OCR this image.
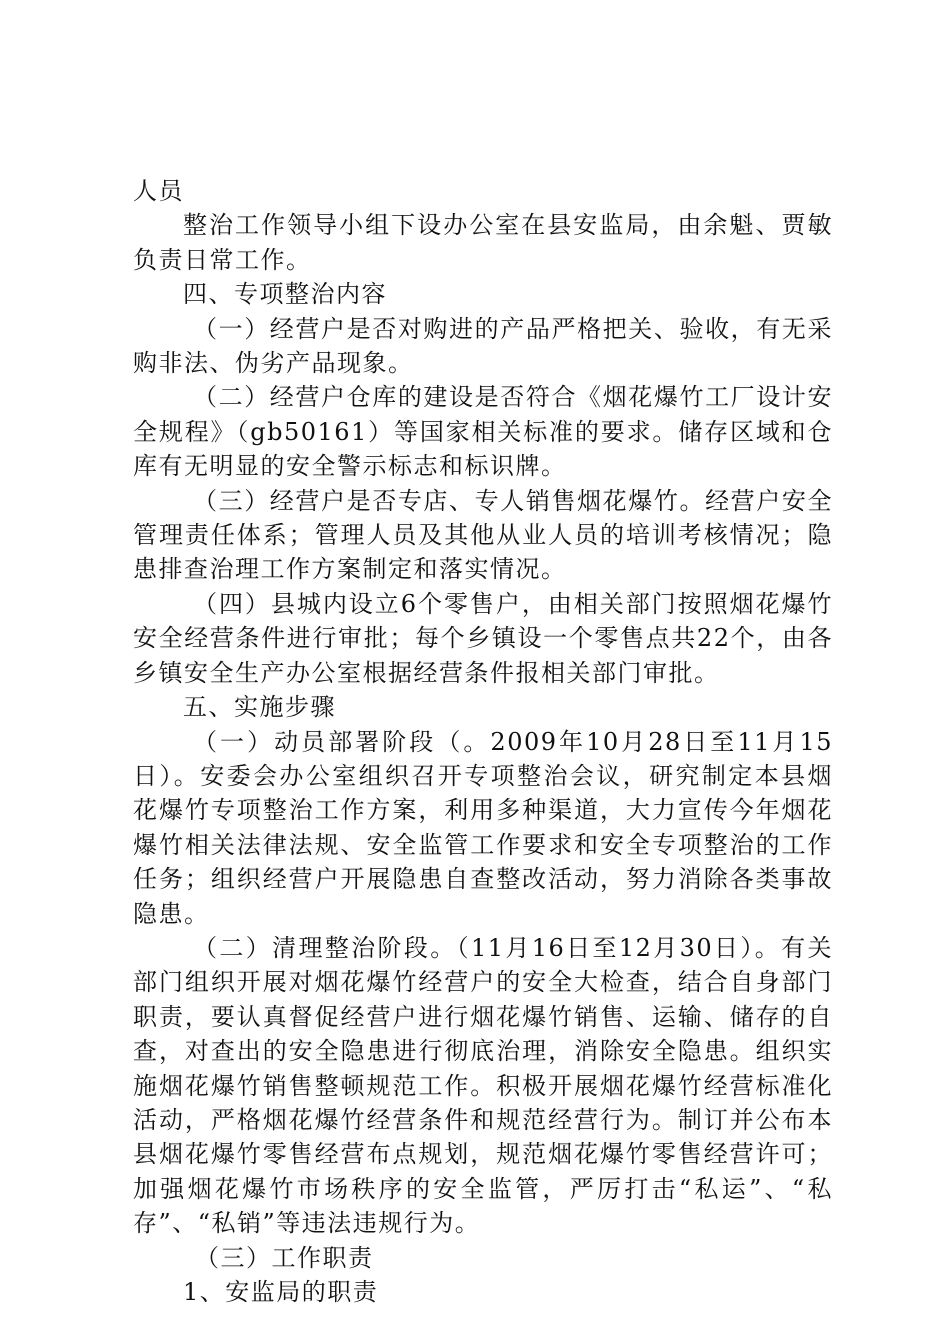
人员

整治工作领导小组下设办公室在县安监局，由余魁、贾敏负责日常工作。

四、专项整治内容

（一）经营户是否对购进的产品严格把关、验收，有无采购非法、伪劣产品现象。

（二）经营户仓库的建设是否符合《烟花爆竹工厂设计安全规程》（gb50161）等国家相关标准的要求。储存区域和仓库有无明显的安全警示标志和标识牌。

（三）经营户是否专店、专人销售烟花爆竹。经营户安全管理责任体系；管理人员及其他从业人员的培训考核情况；隐患排查治理工作方案制定和落实情况。

（四）县城内设立6个零售户，由相关部门按照烟花爆竹安全经营条件进行审批；每个乡镇设一个零售点共22个，由各乡镇安全生产办公室根据经营条件报相关部门审批。

五、实施步骤

（一）动员部署阶段（。2009年10月28日至11月15日）。安委会办公室组织召开专项整治会议，研究制定本县烟花爆竹专项整治工作方案，利用多种渠道，大力宣传今年烟花爆竹相关法律法规、安全监管工作要求和安全专项整治的工作任务；组织经营户开展隐患自查整改活动，努力消除各类事故隐患。

（二）清理整治阶段。（11月16日至12月30日）。有关部门组织开展对烟花爆竹经营户的安全大检查，结合自身部门职责，要认真督促经营户进行烟花爆竹销售、运输、储存的自查，对查出的安全隐患进行彻底治理，消除安全隐患。组织实施烟花爆竹销售整顿规范工作。积极开展烟花爆竹经营标准化活动，严格烟花爆竹经营条件和规范经营行为。制订并公布本县烟花爆竹零售经营布点规划，规范烟花爆竹零售经营许可；加强烟花爆竹市场秩序的安全监管，严厉打击“私运”、“私存”、“私销”等违法违规行为。

（三）工作职责

1、安监局的职责
